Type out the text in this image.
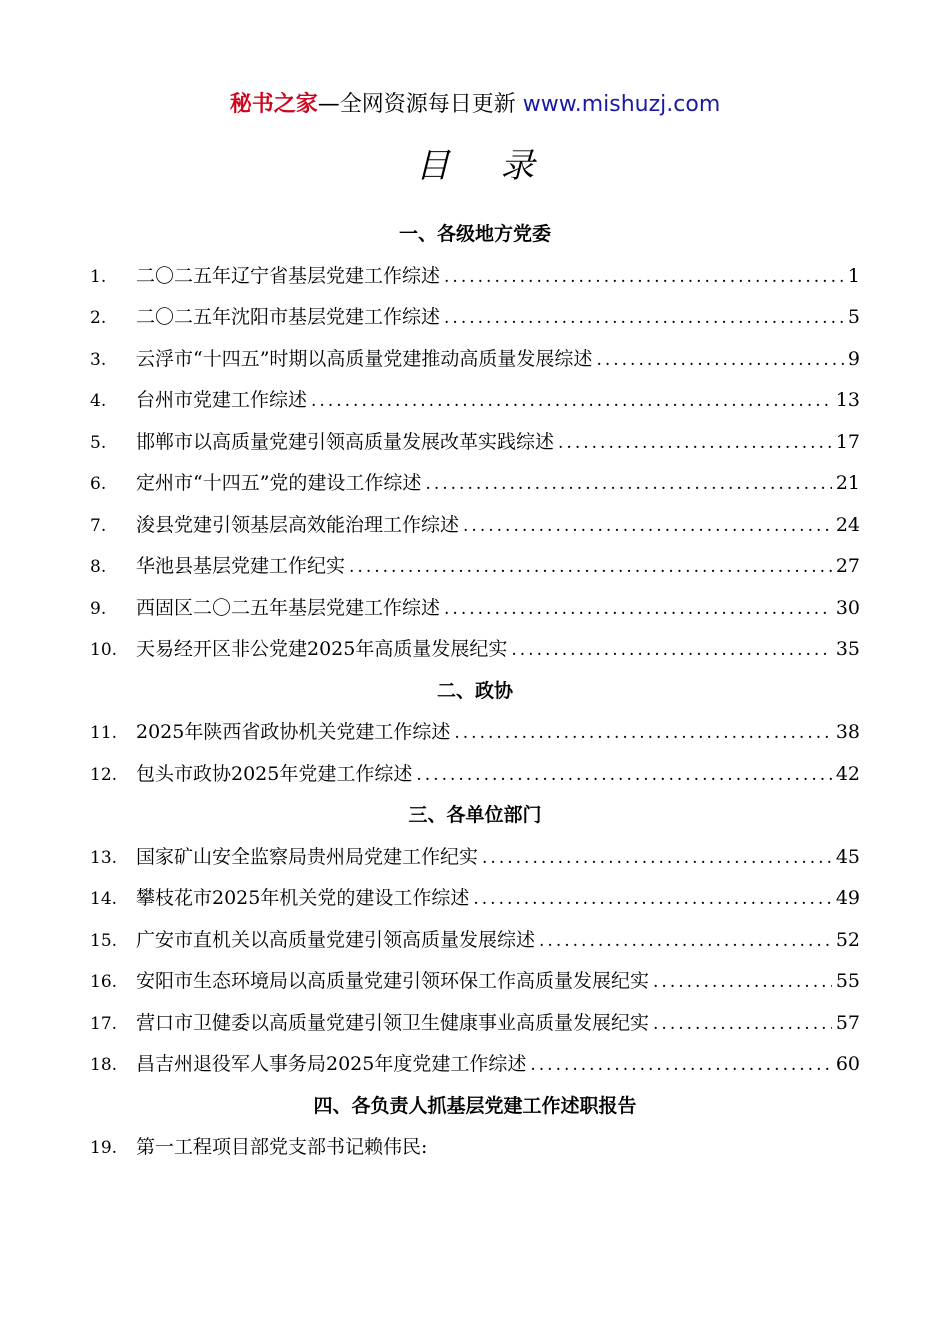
秘书之家—全网资源每日更新 www.mishuzj.com
目 录
一、各级地方党委
1.	二〇二五年辽宁省基层党建工作综述 .....	1
2.	二〇二五年沈阳市基层党建工作综述 .....	5
3.	云浮市“十四五”时期以高质量党建推动高质量发展综述 .....	9
4.	台州市党建工作综述 .....	13
5.	邯郸市以高质量党建引领高质量发展改革实践综述 .....	17
6.	定州市“十四五”党的建设工作综述 .....	21
7.	浚县党建引领基层高效能治理工作综述 .....	24
8.	华池县基层党建工作纪实 .....	27
9.	西固区二〇二五年基层党建工作综述 .....	30
10. 天易经开区非公党建2025年高质量发展纪实 .....	35
二、政协
11. 2025年陕西省政协机关党建工作综述 .....	38
12. 包头市政协2025年党建工作综述 .....	42
三、各单位部门
13. 国家矿山安全监察局贵州局党建工作纪实 .....	45
14. 攀枝花市2025年机关党的建设工作综述 .....	49
15. 广安市直机关以高质量党建引领高质量发展综述 .....	52
16. 安阳市生态环境局以高质量党建引领环保工作高质量发展纪实 .....	55
17. 营口市卫健委以高质量党建引领卫生健康事业高质量发展纪实 .....	57
18. 昌吉州退役军人事务局2025年度党建工作综述 .....	60
四、各负责人抓基层党建工作述职报告
19. 第一工程项目部党支部书记赖伟民:
